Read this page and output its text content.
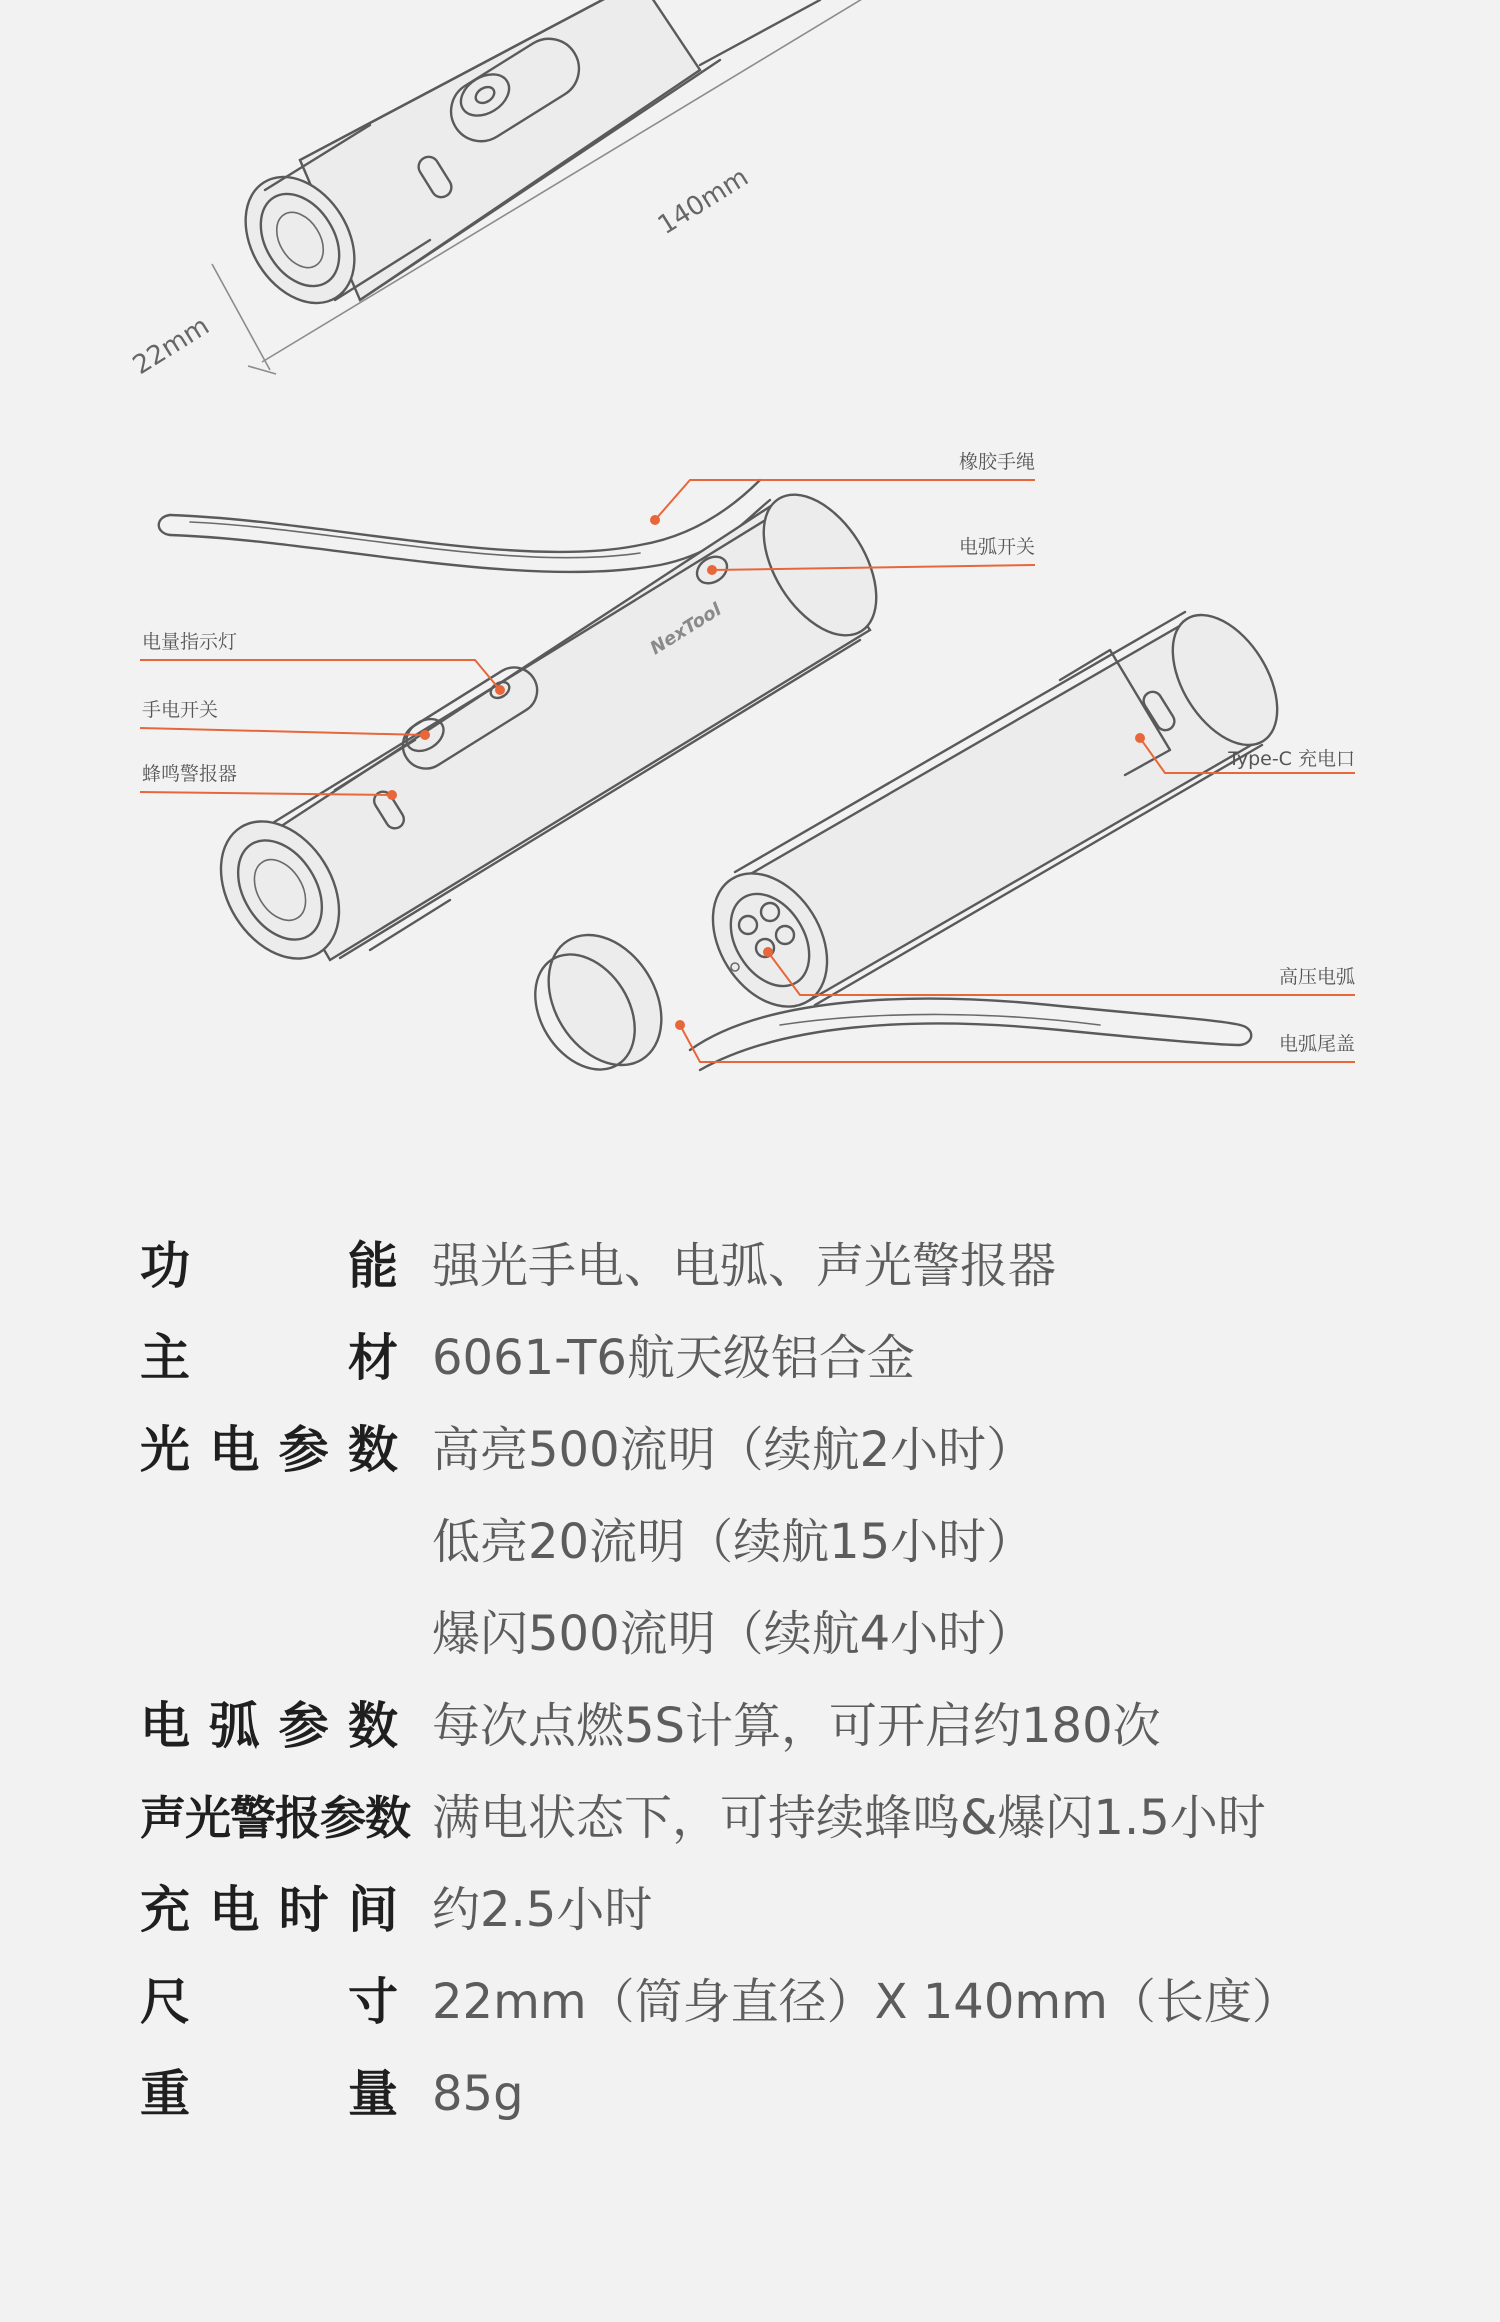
22mm
140mm
NexTool
橡胶手绳
电弧开关
电量指示灯
手电开关
蜂鸣警报器
Type-C 充电口
高压电弧
电弧尾盖
功能 强光手电、电弧、声光警报器
主材 6061-T6航天级铝合金
光电参数 高亮500流明（续航2小时）
低亮20流明（续航15小时）
爆闪500流明（续航4小时）
电弧参数 每次点燃5S计算，可开启约180次
声光警报参数 满电状态下，可持续蜂鸣&爆闪1.5小时
充电时间 约2.5小时
尺寸 22mm（筒身直径）X 140mm（长度）
重量 85g
